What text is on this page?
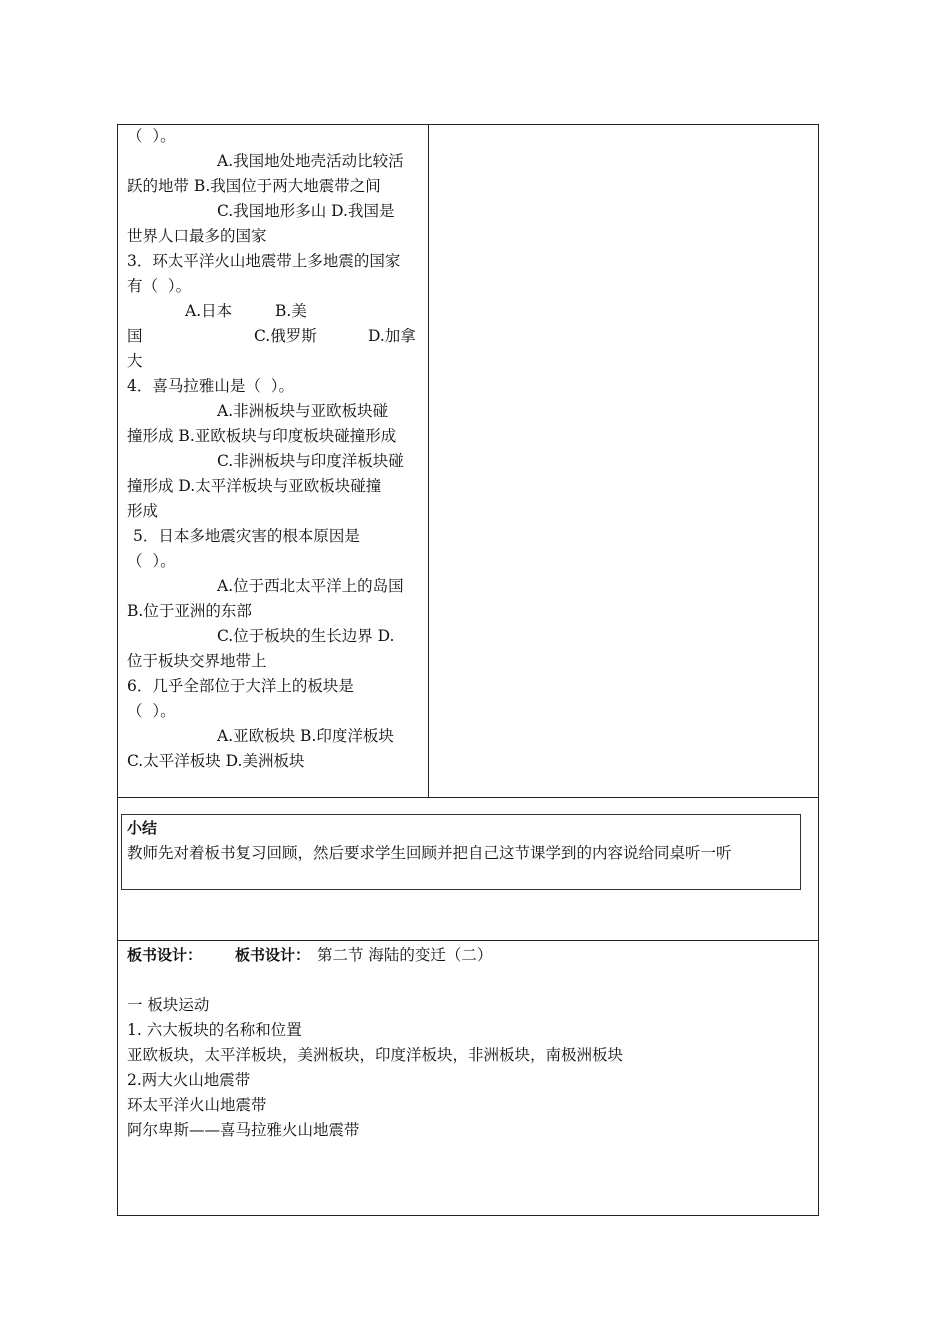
（  ）。
A.我国地处地壳活动比较活
跃的地带 B.我国位于两大地震带之间
C.我国地形多山 D.我国是
世界人口最多的国家
3．环太平洋火山地震带上多地震的国家
有（  ）。
A.日本	B.美
国	C.俄罗斯	D.加拿
大
4．喜马拉雅山是（  ）。
A.非洲板块与亚欧板块碰
撞形成 B.亚欧板块与印度板块碰撞形成
C.非洲板块与印度洋板块碰
撞形成 D.太平洋板块与亚欧板块碰撞
形成
5．日本多地震灾害的根本原因是
（  ）。
A.位于西北太平洋上的岛国
B.位于亚洲的东部
C.位于板块的生长边界 D.
位于板块交界地带上
6．几乎全部位于大洋上的板块是
（  ）。
A.亚欧板块 B.印度洋板块
C.太平洋板块 D.美洲板块
小结
教师先对着板书复习回顾，然后要求学生回顾并把自己这节课学到的内容说给同桌听一听
板书设计： 板书设计： 第二节 海陆的变迁（二）
一 板块运动
1. 六大板块的名称和位置
亚欧板块，太平洋板块，美洲板块，印度洋板块，非洲板块，南极洲板块
2.两大火山地震带
环太平洋火山地震带
阿尔卑斯——喜马拉雅火山地震带
